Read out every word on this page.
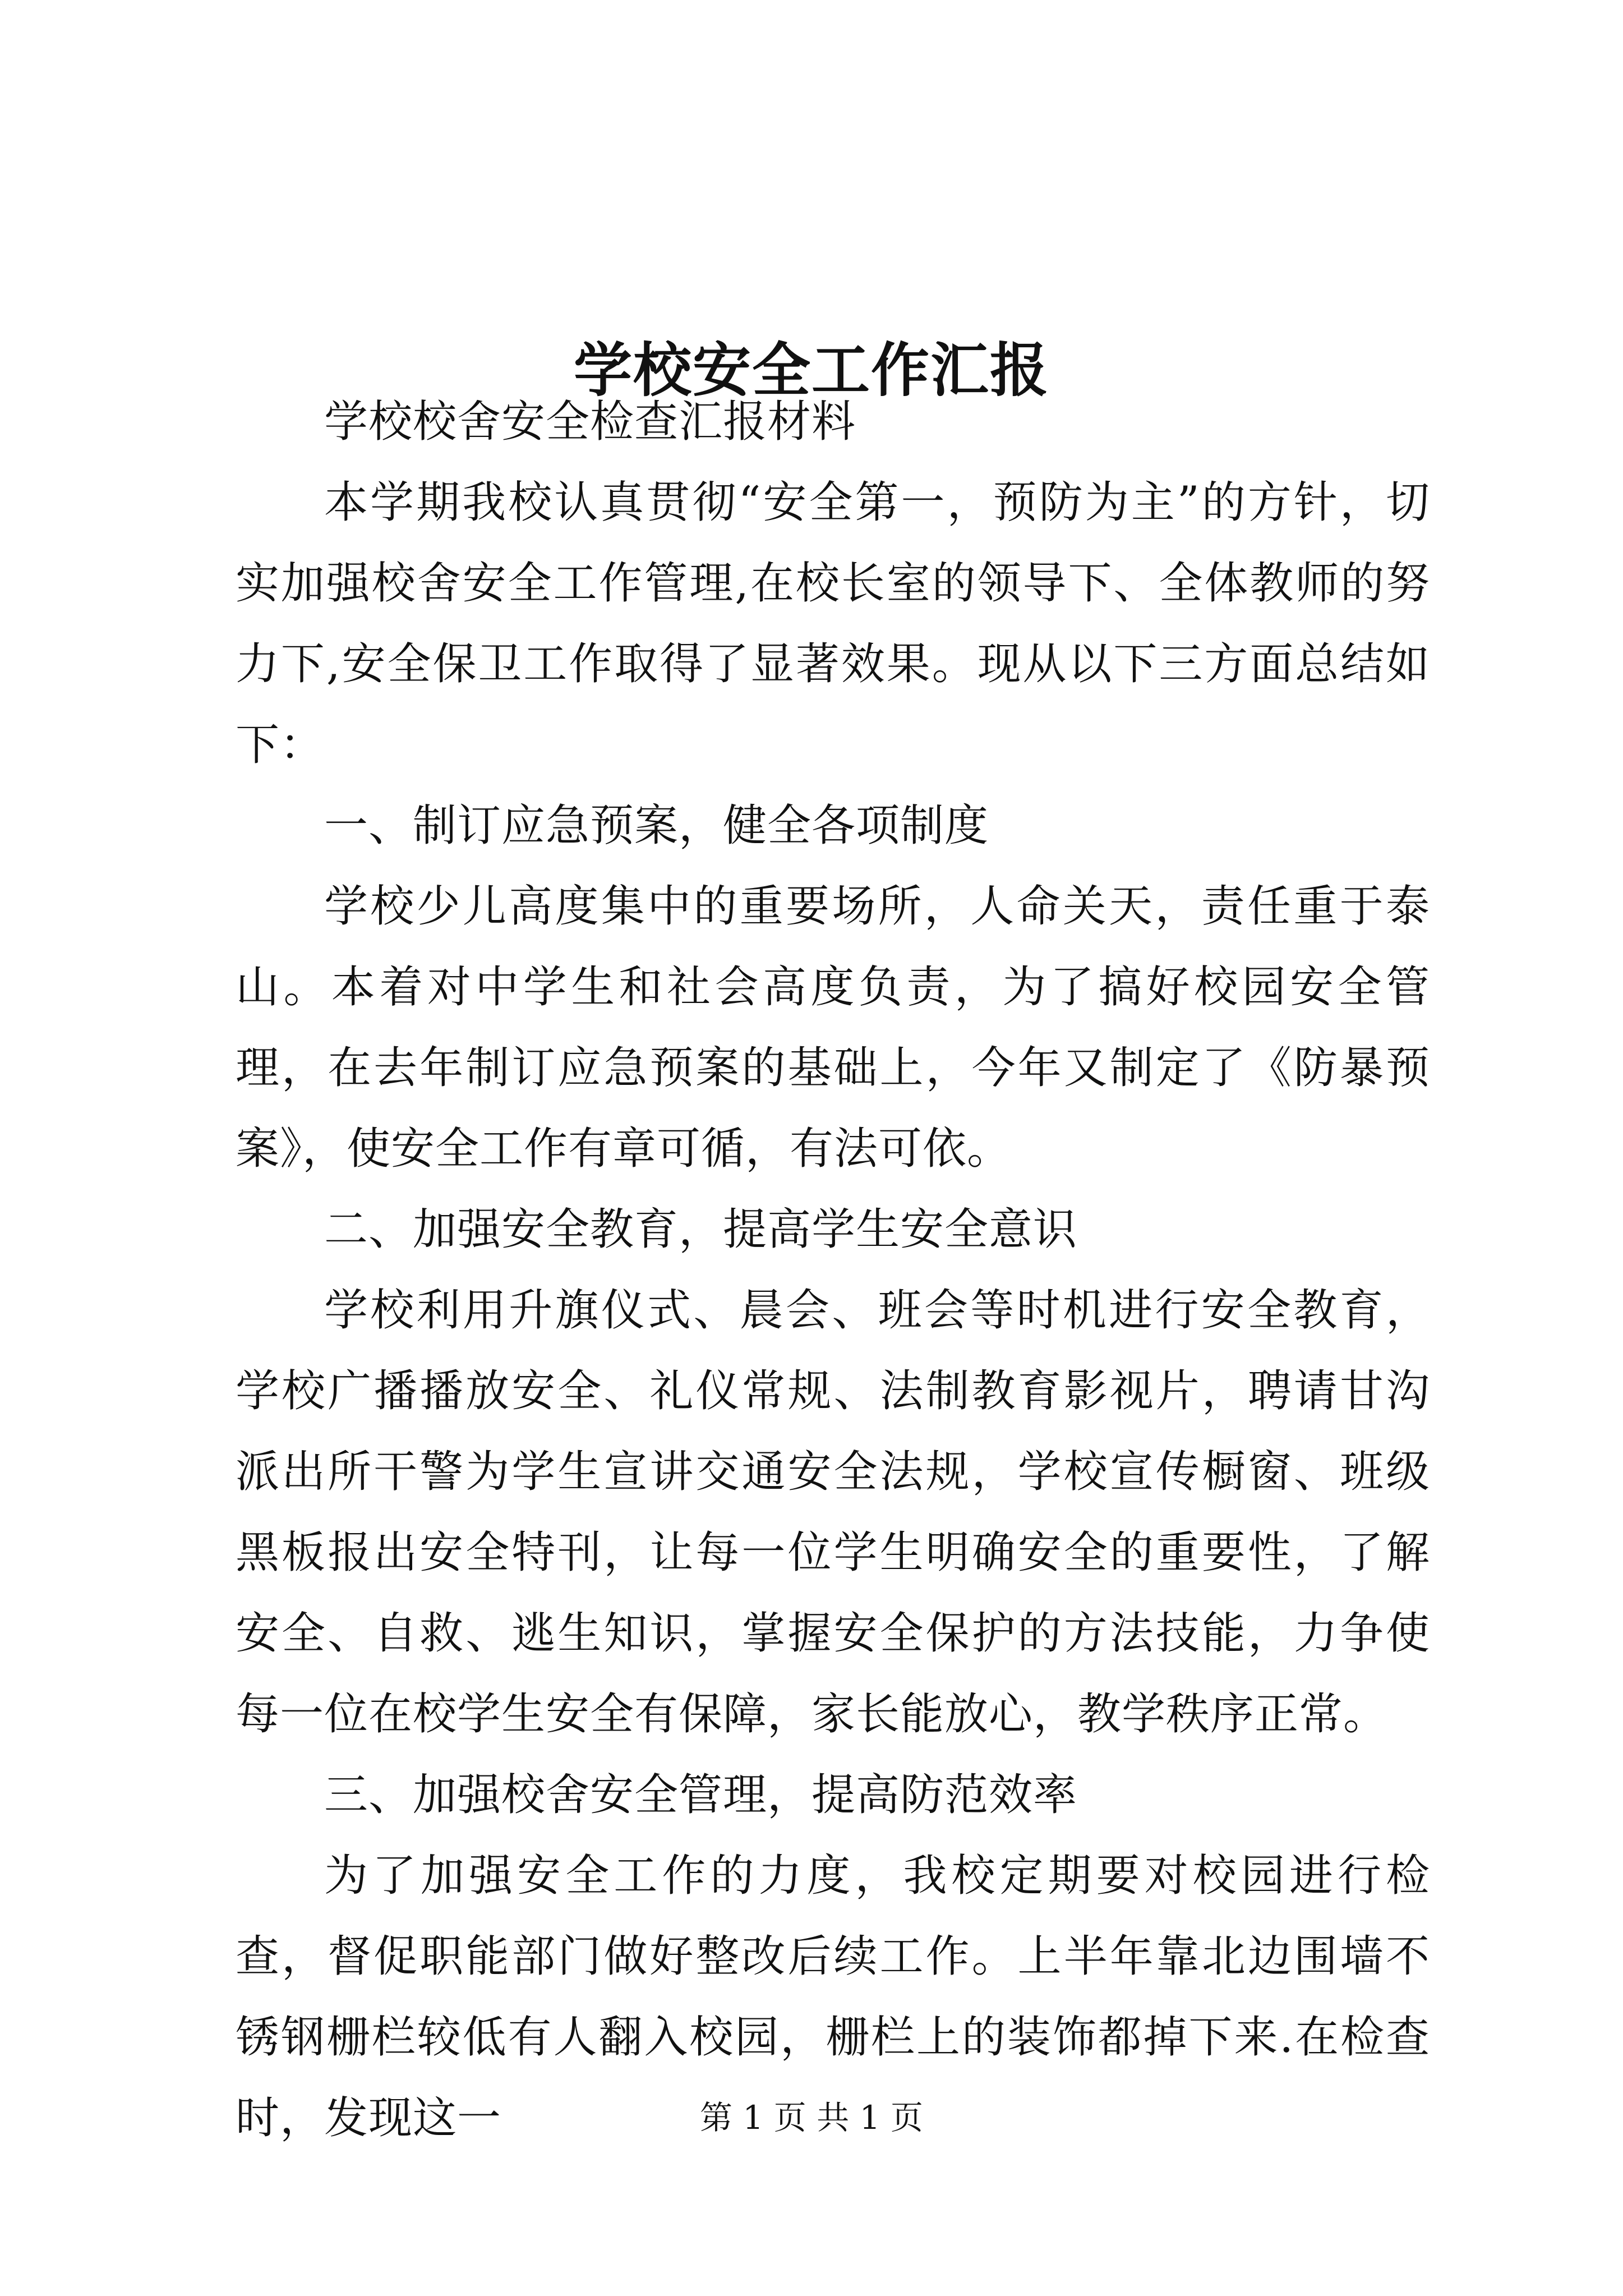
学校安全工作汇报

学校校舍安全检查汇报材料

本学期我校认真贯彻“安全第一，预防为主”的方针，切实加强校舍安全工作管理,在校长室的领导下、全体教师的努力下,安全保卫工作取得了显著效果。现从以下三方面总结如下：

一、制订应急预案，健全各项制度

学校少儿高度集中的重要场所，人命关天，责任重于泰山。本着对中学生和社会高度负责，为了搞好校园安全管理，在去年制订应急预案的基础上，今年又制定了《防暴预案》，使安全工作有章可循，有法可依。

二、加强安全教育，提高学生安全意识

学校利用升旗仪式、晨会、班会等时机进行安全教育，学校广播播放安全、礼仪常规、法制教育影视片，聘请甘沟派出所干警为学生宣讲交通安全法规，学校宣传橱窗、班级黑板报出安全特刊，让每一位学生明确安全的重要性，了解安全、自救、逃生知识，掌握安全保护的方法技能，力争使每一位在校学生安全有保障，家长能放心，教学秩序正常。

三、加强校舍安全管理，提高防范效率

为了加强安全工作的力度，我校定期要对校园进行检查，督促职能部门做好整改后续工作。上半年靠北边围墙不锈钢栅栏较低有人翻入校园，栅栏上的装饰都掉下来.在检查时，发现这一	第 1 页 共 1 页
